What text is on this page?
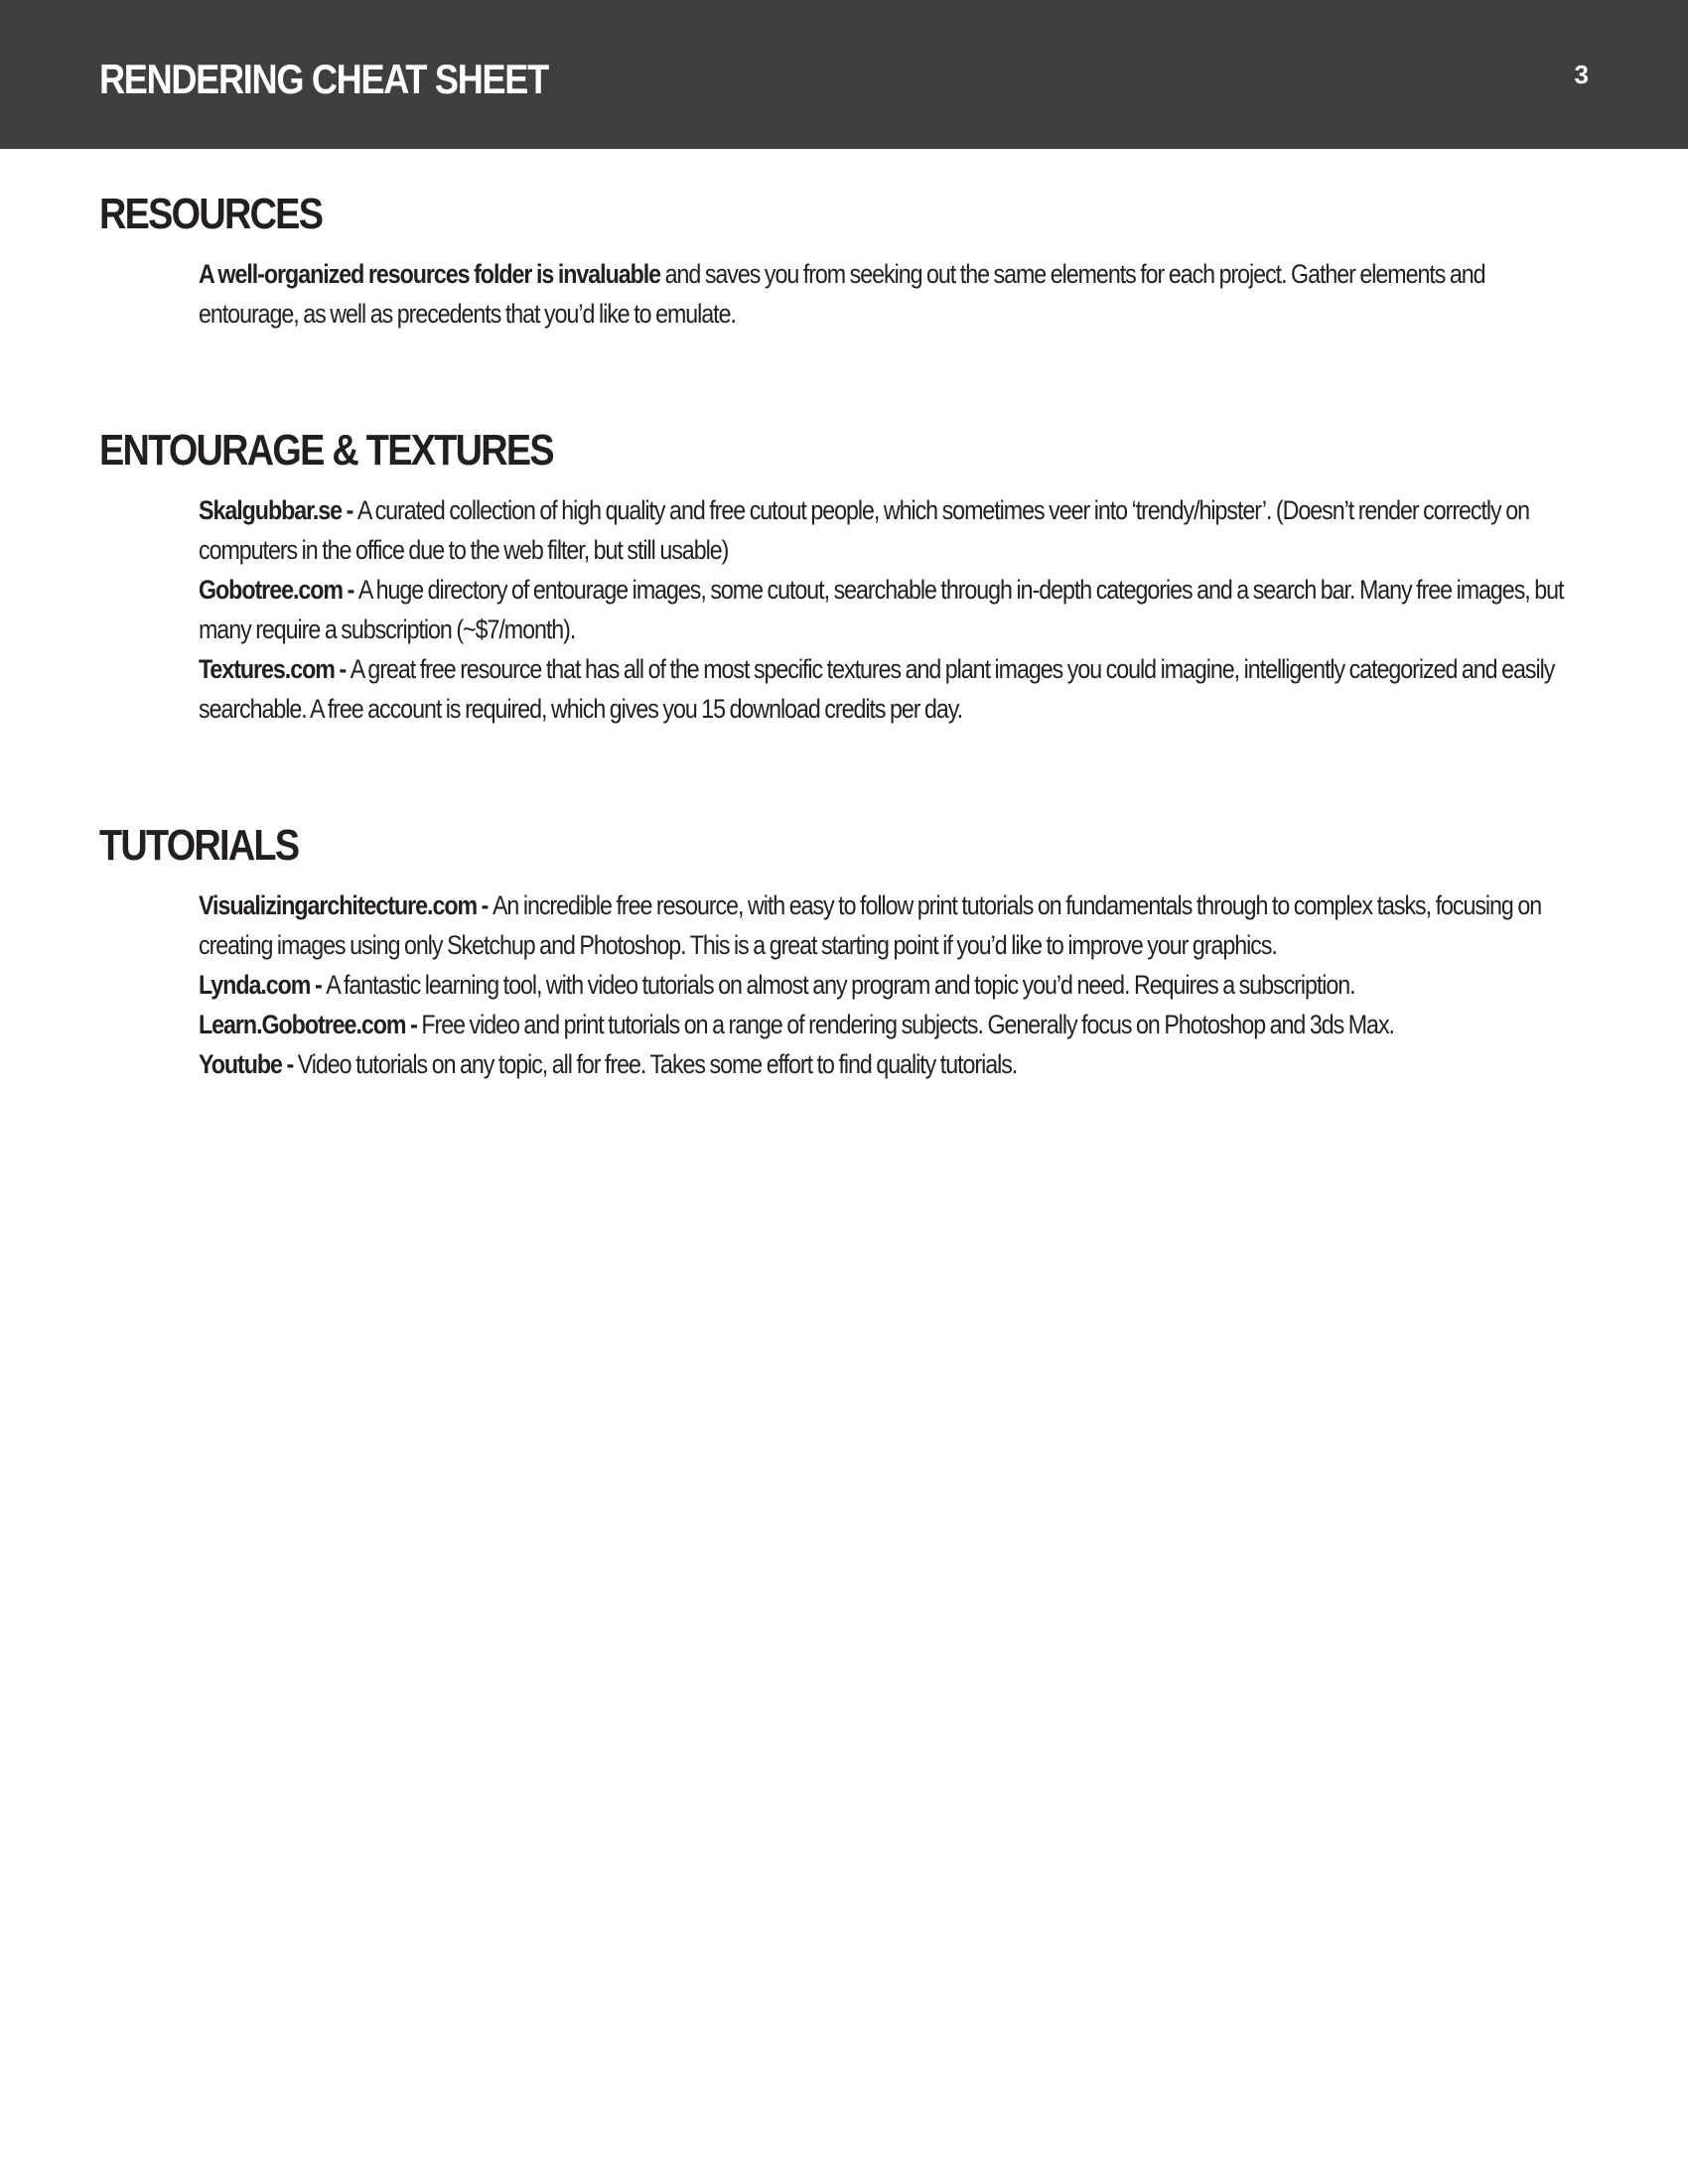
RENDERING CHEAT SHEET	3
RESOURCES

A well-organized resources folder is invaluable and saves you from seeking out the same elements for each project. Gather elements and entourage, as well as precedents that you’d like to emulate.

ENTOURAGE & TEXTURES

Skalgubbar.se - A curated collection of high quality and free cutout people, which sometimes veer into ‘trendy/hipster’. (Doesn’t render correctly on computers in the office due to the web filter, but still usable)

Gobotree.com - A huge directory of entourage images, some cutout, searchable through in-depth categories and a search bar. Many free images, but many require a subscription (~$7/month).

Textures.com - A great free resource that has all of the most specific textures and plant images you could imagine, intelligently categorized and easily searchable. A free account is required, which gives you 15 download credits per day.

TUTORIALS

Visualizingarchitecture.com - An incredible free resource, with easy to follow print tutorials on fundamentals through to complex tasks, focusing on creating images using only Sketchup and Photoshop. This is a great starting point if you’d like to improve your graphics.

Lynda.com - A fantastic learning tool, with video tutorials on almost any program and topic you’d need. Requires a subscription.

Learn.Gobotree.com - Free video and print tutorials on a range of rendering subjects. Generally focus on Photoshop and 3ds Max.

Youtube - Video tutorials on any topic, all for free. Takes some effort to find quality tutorials.
